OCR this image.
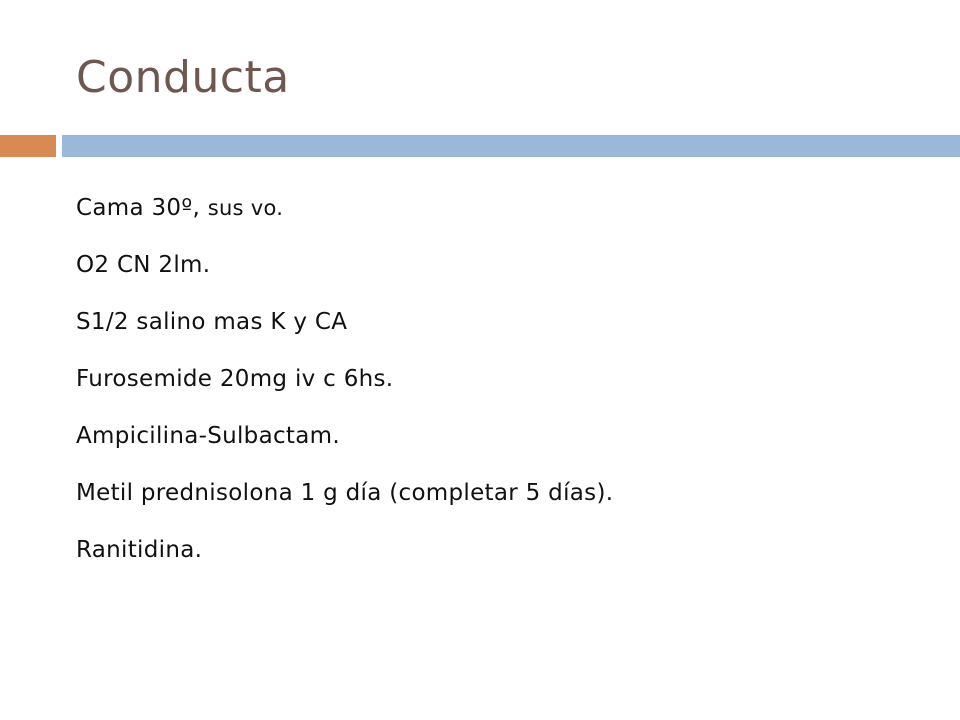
Conducta
Cama 30º, sus vo.
O2 CN 2lm.
S1/2 salino mas K y CA
Furosemide 20mg iv c 6hs.
Ampicilina-Sulbactam.
Metil prednisolona 1 g día (completar 5 días).
Ranitidina.
